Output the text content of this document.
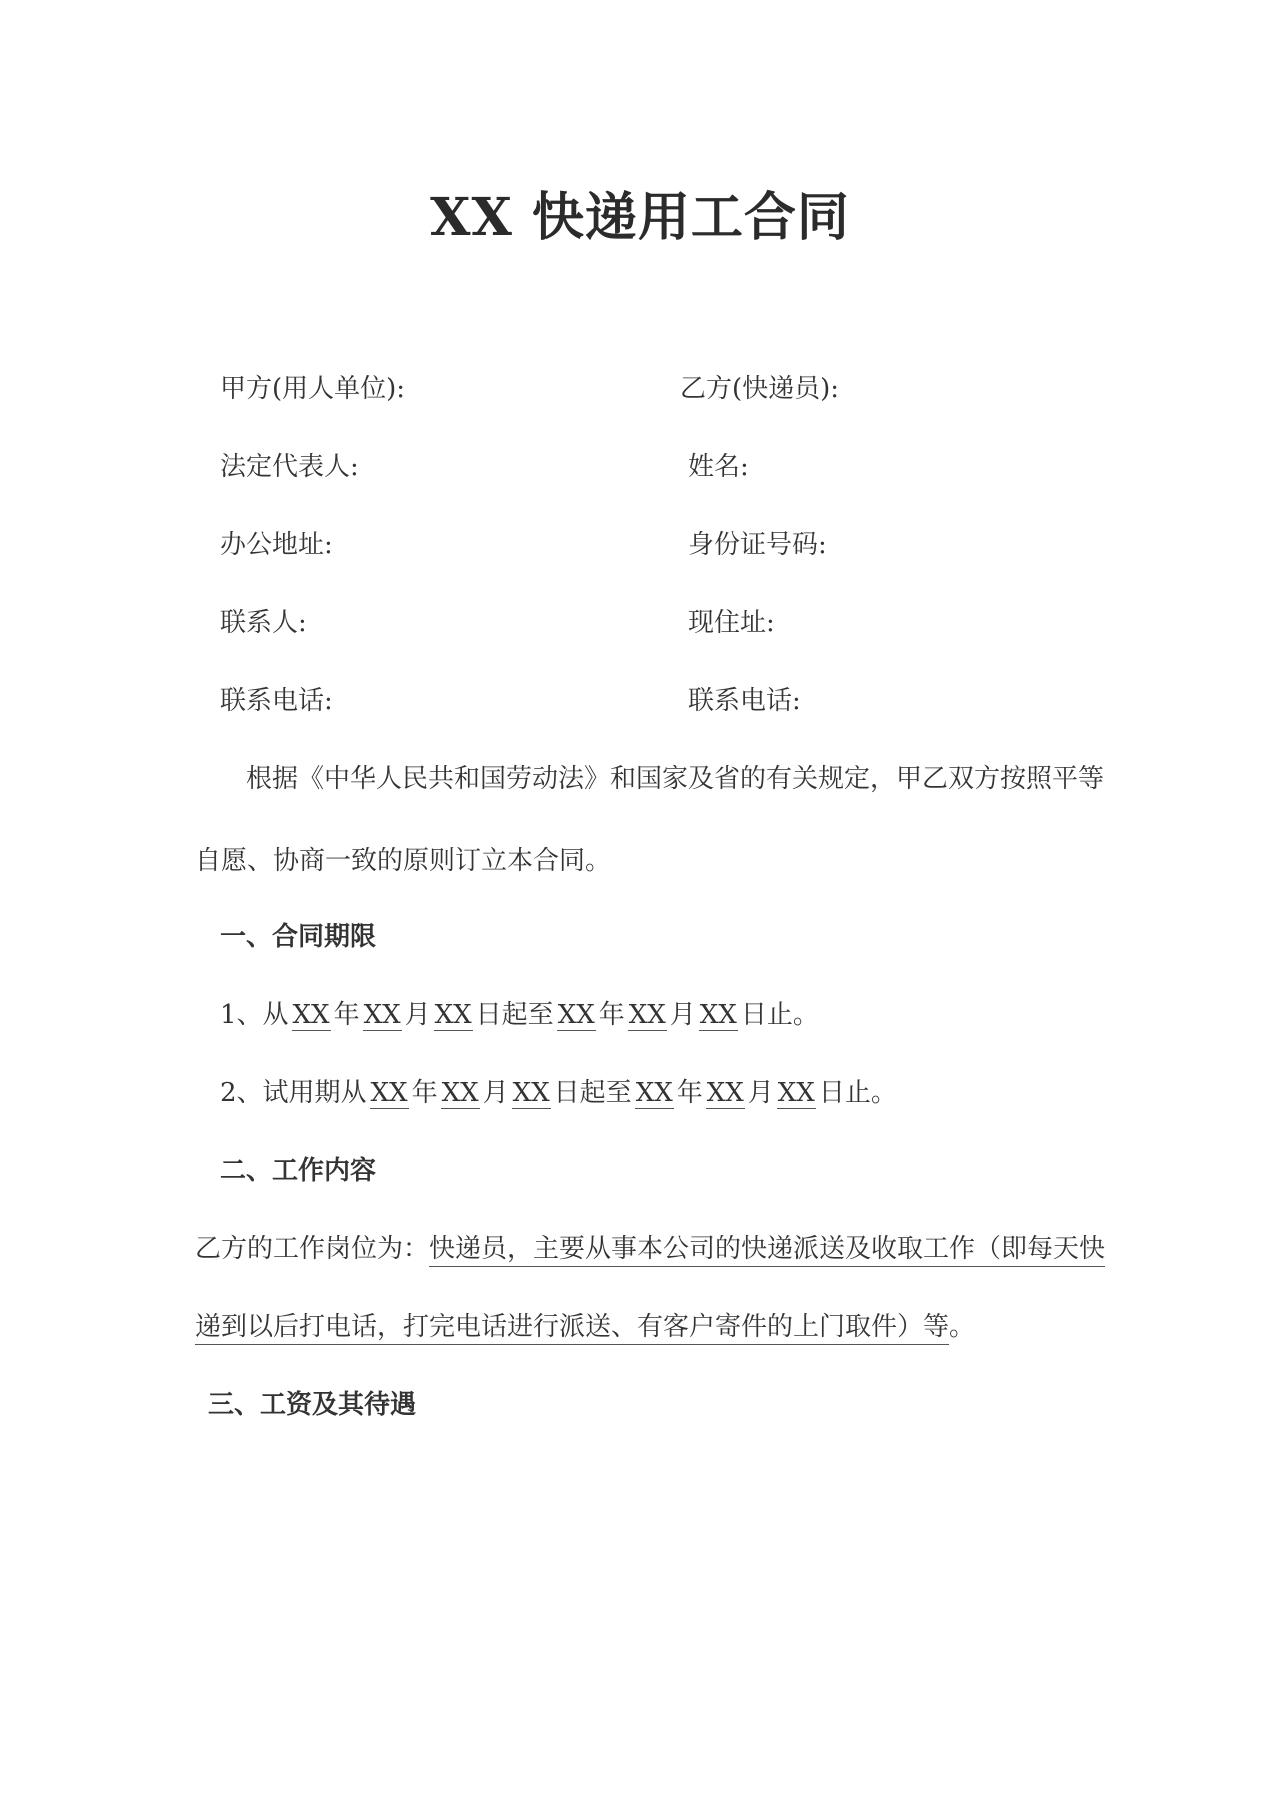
XX 快递用工合同
甲方(用人单位):
法定代表人:
办公地址:
联系人:
联系电话:
乙方(快递员):
姓名:
身份证号码:
现住址:
联系电话:
根据《中华人民共和国劳动法》和国家及省的有关规定，甲乙双方按照平等
自愿、协商一致的原则订立本合同。
一、合同期限
1、从 XX 年 XX 月 XX 日起至 XX 年 XX 月 XX 日止。
2、试用期从 XX 年 XX 月 XX 日起至 XX 年 XX 月 XX 日止。
二、工作内容
乙方的工作岗位为：快递员，主要从事本公司的快递派送及收取工作（即每天快
递到以后打电话，打完电话进行派送、有客户寄件的上门取件）等。
三、工资及其待遇
